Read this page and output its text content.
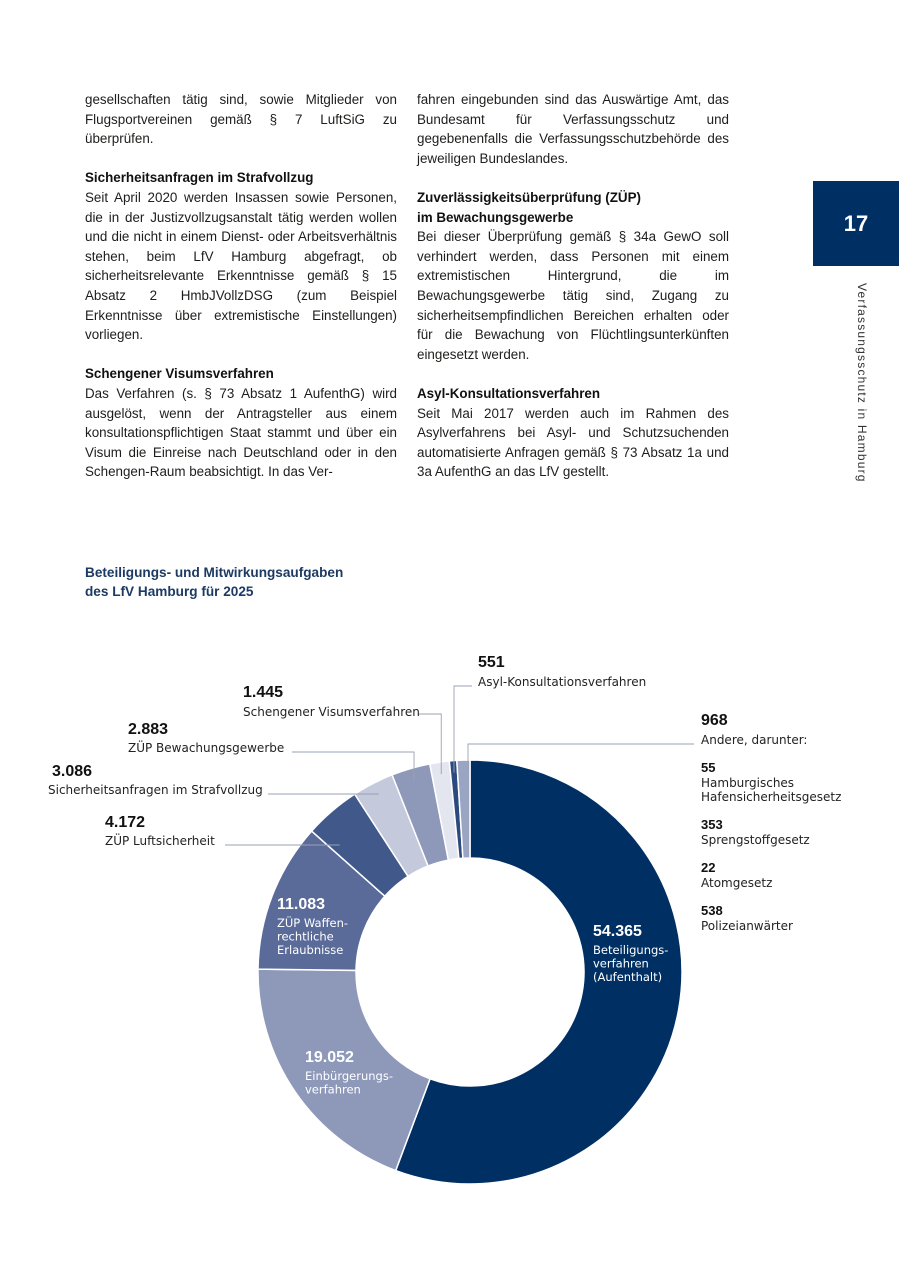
gesellschaften tätig sind, sowie Mitglieder von Flugsportvereinen gemäß § 7 LuftSiG zu überprüfen.

Sicherheitsanfragen im Strafvollzug

Seit April 2020 werden Insassen sowie Personen, die in der Justizvollzugsanstalt tätig werden wollen und die nicht in einem Dienst- oder Arbeitsverhältnis stehen, beim LfV Hamburg abgefragt, ob sicherheitsrelevante Erkenntnisse gemäß § 15 Absatz 2 HmbJVollzDSG (zum Beispiel Erkenntnisse über extremistische Einstellungen) vorliegen.

Schengener Visumsverfahren

Das Verfahren (s. § 73 Absatz 1 AufenthG) wird ausgelöst, wenn der Antragsteller aus einem konsultationspflichtigen Staat stammt und über ein Visum die Einreise nach Deutschland oder in den Schengen-Raum beabsichtigt. In das Ver-

fahren eingebunden sind das Auswärtige Amt, das Bundesamt für Verfassungsschutz und gegebenenfalls die Verfassungsschutzbehörde des jeweiligen Bundeslandes.

Zuverlässigkeitsüberprüfung (ZÜP)
im Bewachungsgewerbe

Bei dieser Überprüfung gemäß § 34a GewO soll verhindert werden, dass Personen mit einem extremistischen Hintergrund, die im Bewachungsgewerbe tätig sind, Zugang zu sicherheitsempfindlichen Bereichen erhalten oder für die Bewachung von Flüchtlingsunterkünften eingesetzt werden.

Asyl-Konsultationsverfahren

Seit Mai 2017 werden auch im Rahmen des Asylverfahrens bei Asyl- und Schutzsuchenden automatisierte Anfragen gemäß § 73 Absatz 1a und 3a AufenthG an das LfV gestellt.

17
Verfassungsschutz in Hamburg
Beteiligungs- und Mitwirkungsaufgaben
des LfV Hamburg für 2025
54.365
Beteiligungs-
verfahren
(Aufenthalt)
19.052
Einbürgerungs-
verfahren
11.083
ZÜP Waffen-
rechtliche
Erlaubnisse
4.172
ZÜP Luftsicherheit
3.086
Sicherheitsanfragen im Strafvollzug
2.883
ZÜP Bewachungsgewerbe
1.445
Schengener Visumsverfahren
551
Asyl-Konsultationsverfahren
968
Andere, darunter:
55
Hamburgisches
Hafensicherheitsgesetz
353
Sprengstoffgesetz
22
Atomgesetz
538
Polizeianwärter
